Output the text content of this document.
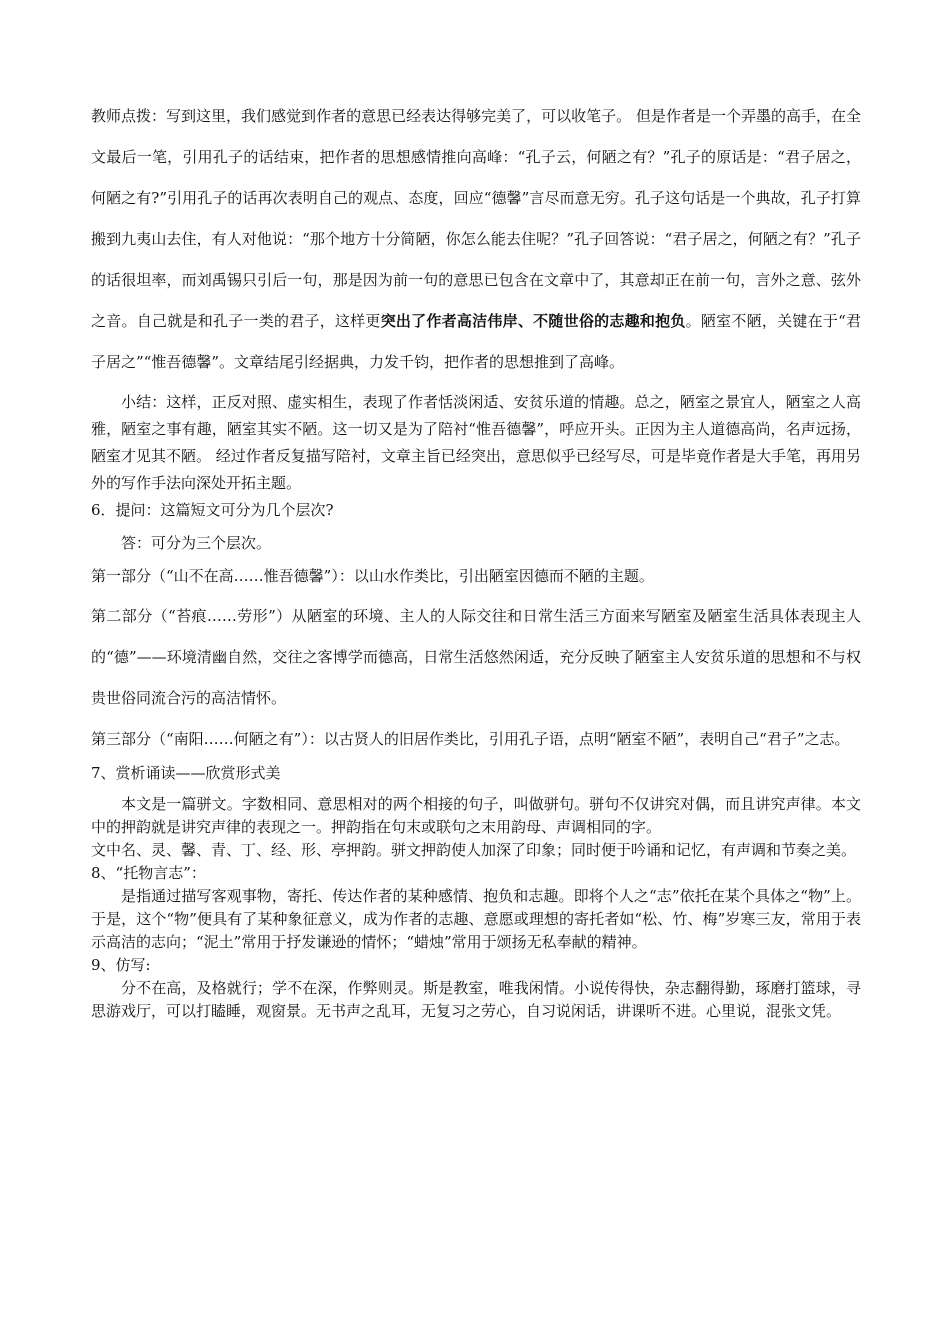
教师点拨：写到这里，我们感觉到作者的意思已经表达得够完美了，可以收笔子。 但是作者是一个弄墨的高手，在全文最后一笔，引用孔子的话结束，把作者的思想感情推向高峰：“孔子云，何陋之有？”孔子的原话是：“君子居之，何陋之有?”引用孔子的话再次表明自己的观点、态度，回应“德馨”言尽而意无穷。孔子这句话是一个典故，孔子打算搬到九夷山去住，有人对他说：“那个地方十分简陋，你怎么能去住呢？”孔子回答说：“君子居之，何陋之有？”孔子的话很坦率，而刘禹锡只引后一句，那是因为前一句的意思已包含在文章中了，其意却正在前一句，言外之意、弦外之音。自己就是和孔子一类的君子，这样更突出了作者高洁伟岸、不随世俗的志趣和抱负。陋室不陋，关键在于“君子居之”“惟吾德馨”。文章结尾引经据典，力发千钧，把作者的思想推到了高峰。

小结：这样，正反对照、虚实相生，表现了作者恬淡闲适、安贫乐道的情趣。总之，陋室之景宜人，陋室之人高雅，陋室之事有趣，陋室其实不陋。这一切又是为了陪衬“惟吾德馨”，呼应开头。正因为主人道德高尚，名声远扬，陋室才见其不陋。 经过作者反复描写陪衬，文章主旨已经突出，意思似乎已经写尽，可是毕竟作者是大手笔，再用另外的写作手法向深处开拓主题。

6．提问：这篇短文可分为几个层次?

答：可分为三个层次。

第一部分（“山不在高……惟吾德馨”）：以山水作类比，引出陋室因德而不陋的主题。

第二部分（“苔痕……劳形”）从陋室的环境、主人的人际交往和日常生活三方面来写陋室及陋室生活具体表现主人的“德”——环境清幽自然，交往之客博学而德高，日常生活悠然闲适，充分反映了陋室主人安贫乐道的思想和不与权贵世俗同流合污的高洁情怀。

第三部分（“南阳……何陋之有”）：以古贤人的旧居作类比，引用孔子语，点明“陋室不陋”，表明自己“君子”之志。

7、赏析诵读——欣赏形式美

本文是一篇骈文。字数相同、意思相对的两个相接的句子，叫做骈句。骈句不仅讲究对偶，而且讲究声律。本文中的押韵就是讲究声律的表现之一。押韵指在句末或联句之末用韵母、声调相同的字。

文中名、灵、馨、青、丁、经、形、亭押韵。骈文押韵使人加深了印象；同时便于吟诵和记忆，有声调和节奏之美。

8、“托物言志”：

是指通过描写客观事物，寄托、传达作者的某种感情、抱负和志趣。即将个人之“志”依托在某个具体之“物”上。于是，这个“物”便具有了某种象征意义，成为作者的志趣、意愿或理想的寄托者如“松、竹、梅”岁寒三友，常用于表示高洁的志向；“泥土”常用于抒发谦逊的情怀；“蜡烛”常用于颂扬无私奉献的精神。

9、仿写:

分不在高，及格就行；学不在深，作弊则灵。斯是教室，唯我闲情。小说传得快，杂志翻得勤，琢磨打篮球，寻思游戏厅，可以打瞌睡，观窗景。无书声之乱耳，无复习之劳心，自习说闲话，讲课听不进。心里说，混张文凭。
